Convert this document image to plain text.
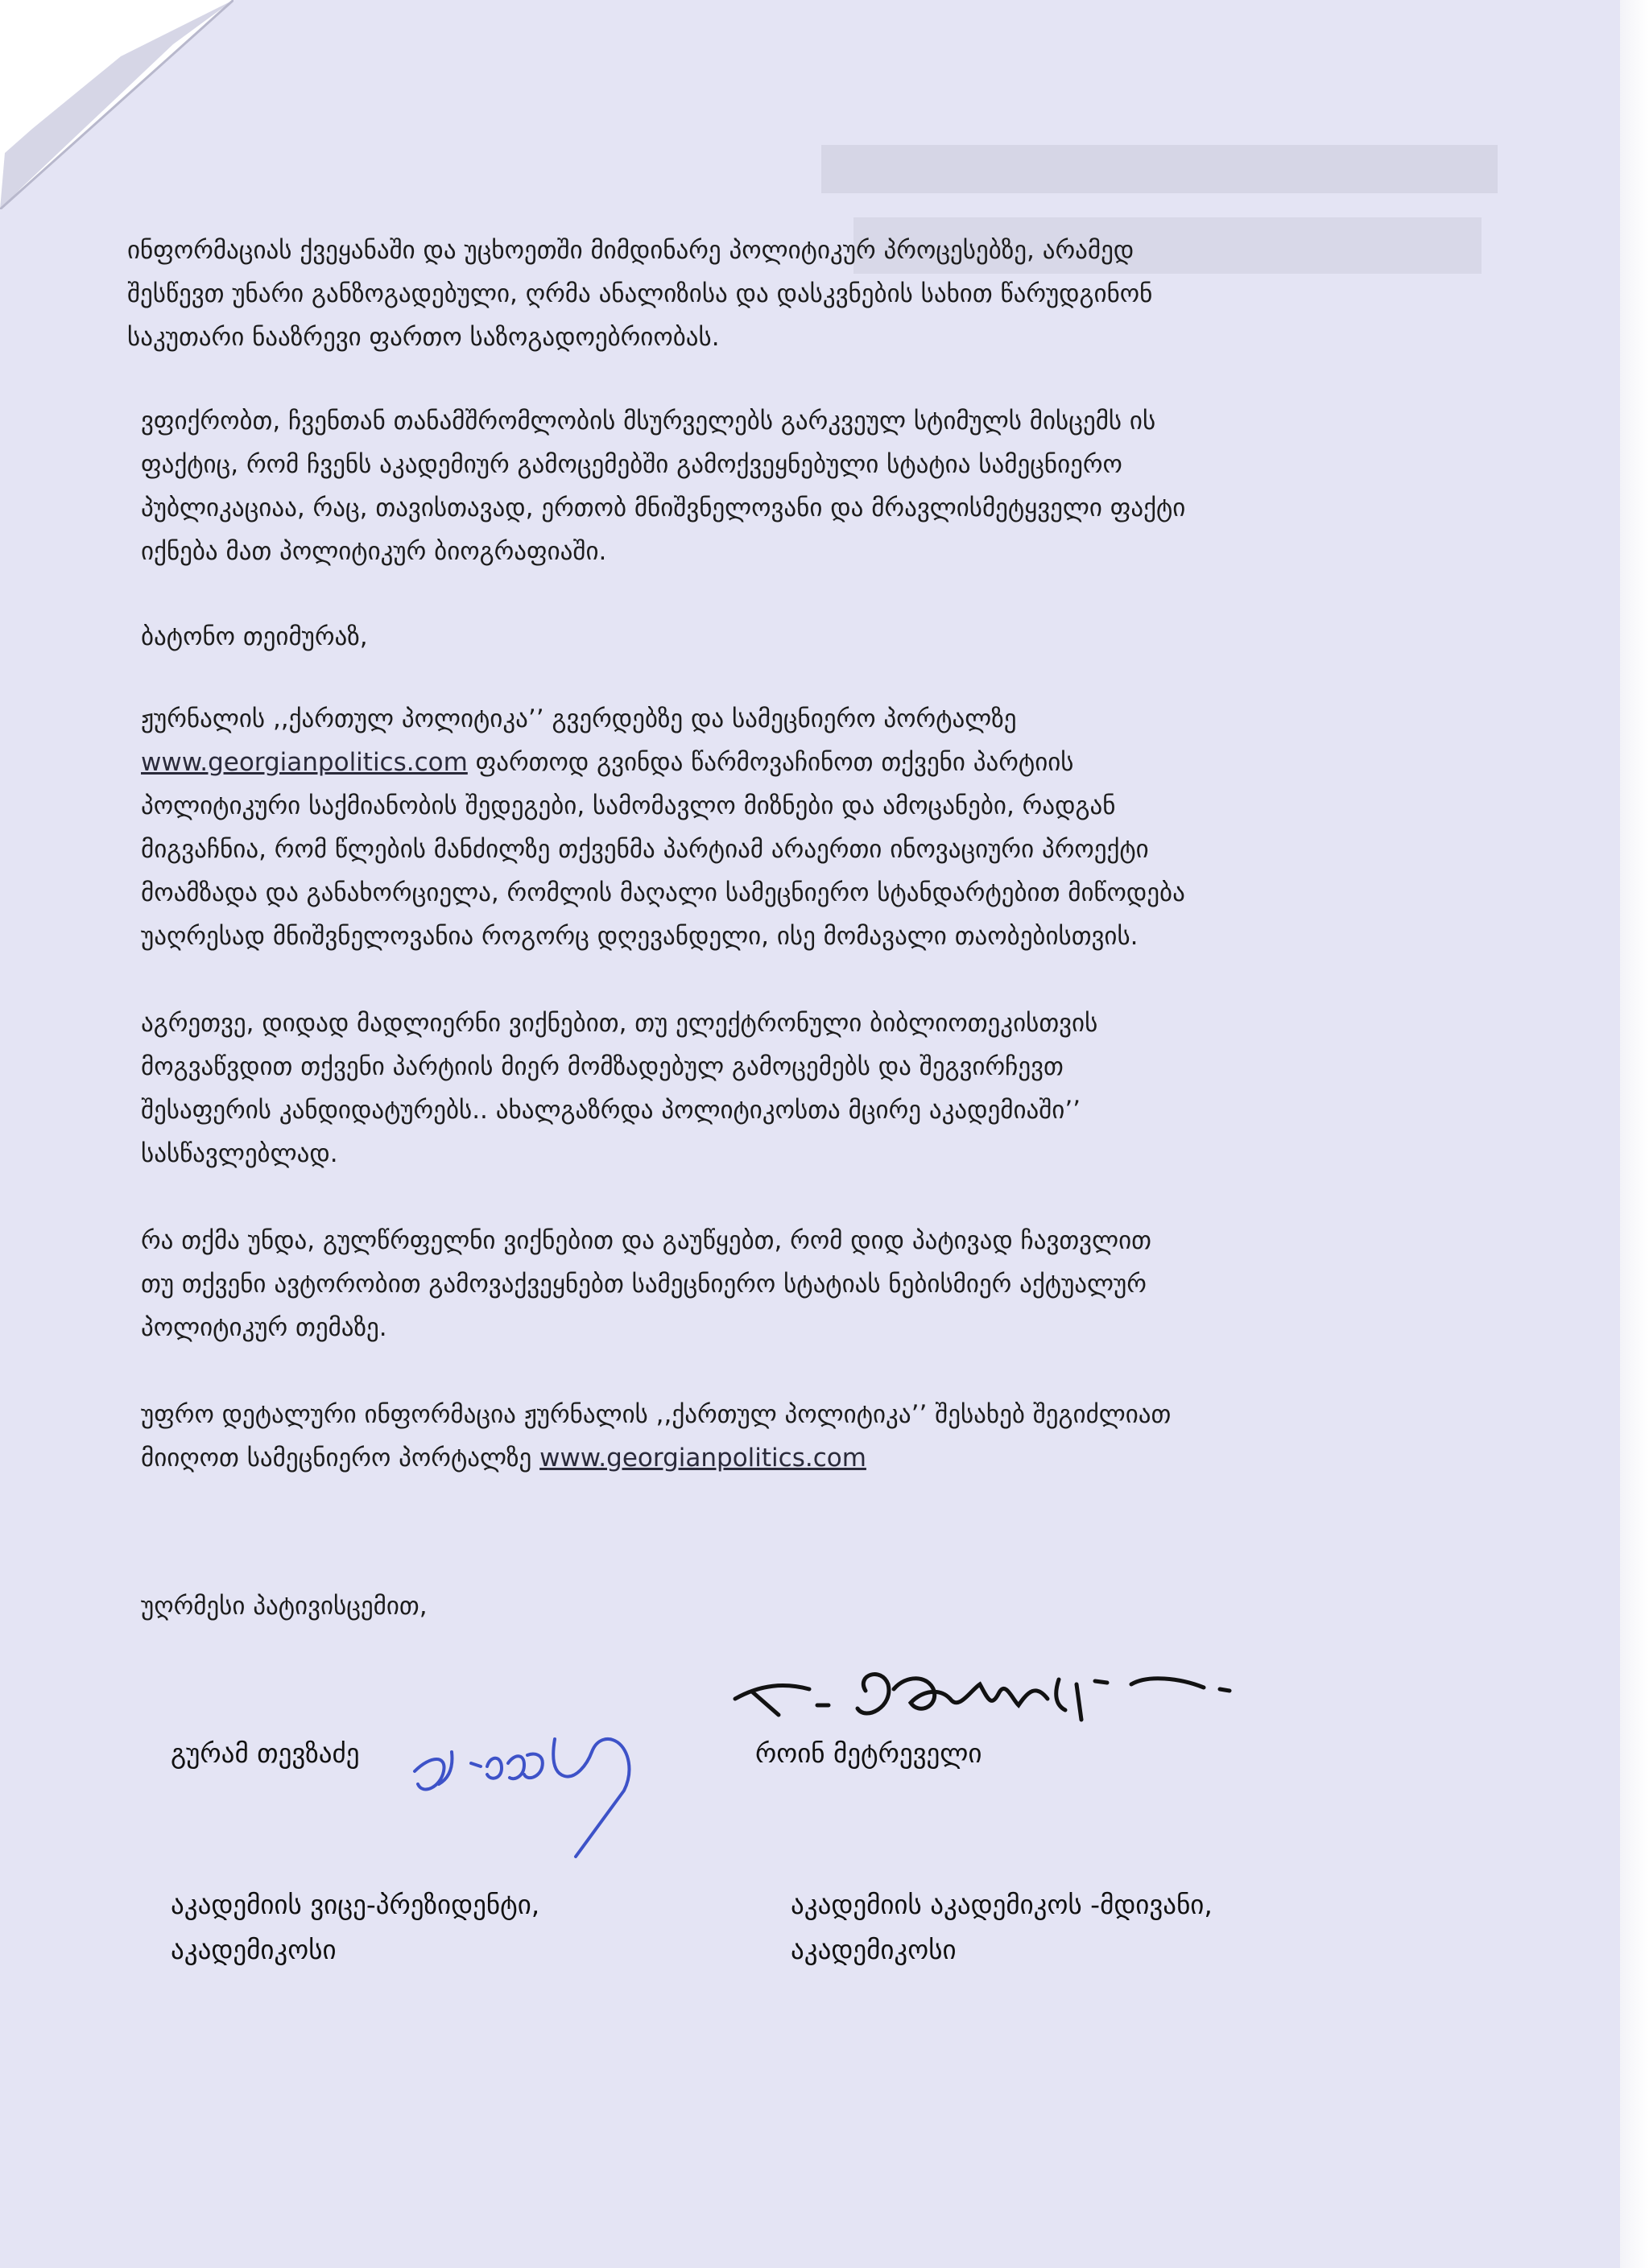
ინფორმაციას ქვეყანაში და უცხოეთში მიმდინარე პოლიტიკურ პროცესებზე, არამედ
შესწევთ უნარი განზოგადებული, ღრმა ანალიზისა და დასკვნების სახით წარუდგინონ
საკუთარი ნააზრევი ფართო საზოგადოებრიობას.

ვფიქრობთ, ჩვენთან თანამშრომლობის მსურველებს გარკვეულ სტიმულს მისცემს ის
ფაქტიც, რომ ჩვენს აკადემიურ გამოცემებში გამოქვეყნებული სტატია სამეცნიერო
პუბლიკაციაა, რაც, თავისთავად, ერთობ მნიშვნელოვანი და მრავლისმეტყველი ფაქტი
იქნება მათ პოლიტიკურ ბიოგრაფიაში.

ბატონო თეიმურაზ,

ჟურნალის ,,ქართულ პოლიტიკა’’ გვერდებზე და სამეცნიერო პორტალზე
www.georgianpolitics.com ფართოდ გვინდა წარმოვაჩინოთ თქვენი პარტიის
პოლიტიკური საქმიანობის შედეგები, სამომავლო მიზნები და ამოცანები, რადგან
მიგვაჩნია, რომ წლების მანძილზე თქვენმა პარტიამ არაერთი ინოვაციური პროექტი
მოამზადა და განახორციელა, რომლის მაღალი სამეცნიერო სტანდარტებით მიწოდება
უაღრესად მნიშვნელოვანია როგორც დღევანდელი, ისე მომავალი თაობებისთვის.

აგრეთვე, დიდად მადლიერნი ვიქნებით, თუ ელექტრონული ბიბლიოთეკისთვის
მოგვაწვდით თქვენი პარტიის მიერ მომზადებულ გამოცემებს და შეგვირჩევთ
შესაფერის კანდიდატურებს.. ახალგაზრდა პოლიტიკოსთა მცირე აკადემიაში’’
სასწავლებლად.

რა თქმა უნდა, გულწრფელნი ვიქნებით და გაუწყებთ, რომ დიდ პატივად ჩავთვლით
თუ თქვენი ავტორობით გამოვაქვეყნებთ სამეცნიერო სტატიას ნებისმიერ აქტუალურ
პოლიტიკურ თემაზე.

უფრო დეტალური ინფორმაცია ჟურნალის ,,ქართულ პოლიტიკა’’ შესახებ შეგიძლიათ
მიიღოთ სამეცნიერო პორტალზე www.georgianpolitics.com

უღრმესი პატივისცემით,

გურამ თევზაძე	როინ მეტრეველი

აკადემიის ვიცე-პრეზიდენტი,
აკადემიკოსი

აკადემიის აკადემიკოს -მდივანი,
აკადემიკოსი
